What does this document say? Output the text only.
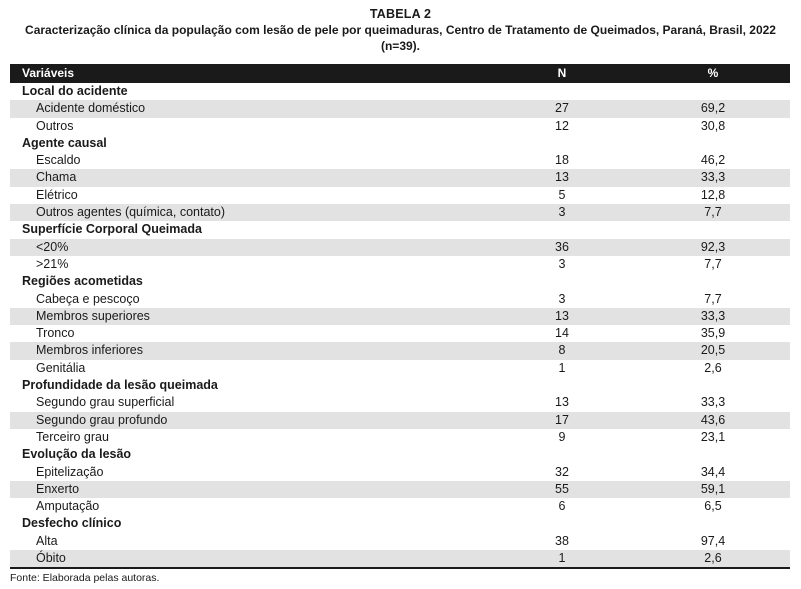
TABELA 2
Caracterização clínica da população com lesão de pele por queimaduras, Centro de Tratamento de Queimados, Paraná, Brasil, 2022 (n=39).
Variáveis	N	%
Local do acidente
Acidente doméstico	27	69,2
Outros	12	30,8
Agente causal
Escaldo	18	46,2
Chama	13	33,3
Elétrico	5	12,8
Outros agentes (química, contato)	3	7,7
Superfície Corporal Queimada
<20%	36	92,3
>21%	3	7,7
Regiões acometidas
Cabeça e pescoço	3	7,7
Membros superiores	13	33,3
Tronco	14	35,9
Membros inferiores	8	20,5
Genitália	1	2,6
Profundidade da lesão queimada
Segundo grau superficial	13	33,3
Segundo grau profundo	17	43,6
Terceiro grau	9	23,1
Evolução da lesão
Epitelização	32	34,4
Enxerto	55	59,1
Amputação	6	6,5
Desfecho clínico
Alta	38	97,4
Óbito	1	2,6
Fonte: Elaborada pelas autoras.
